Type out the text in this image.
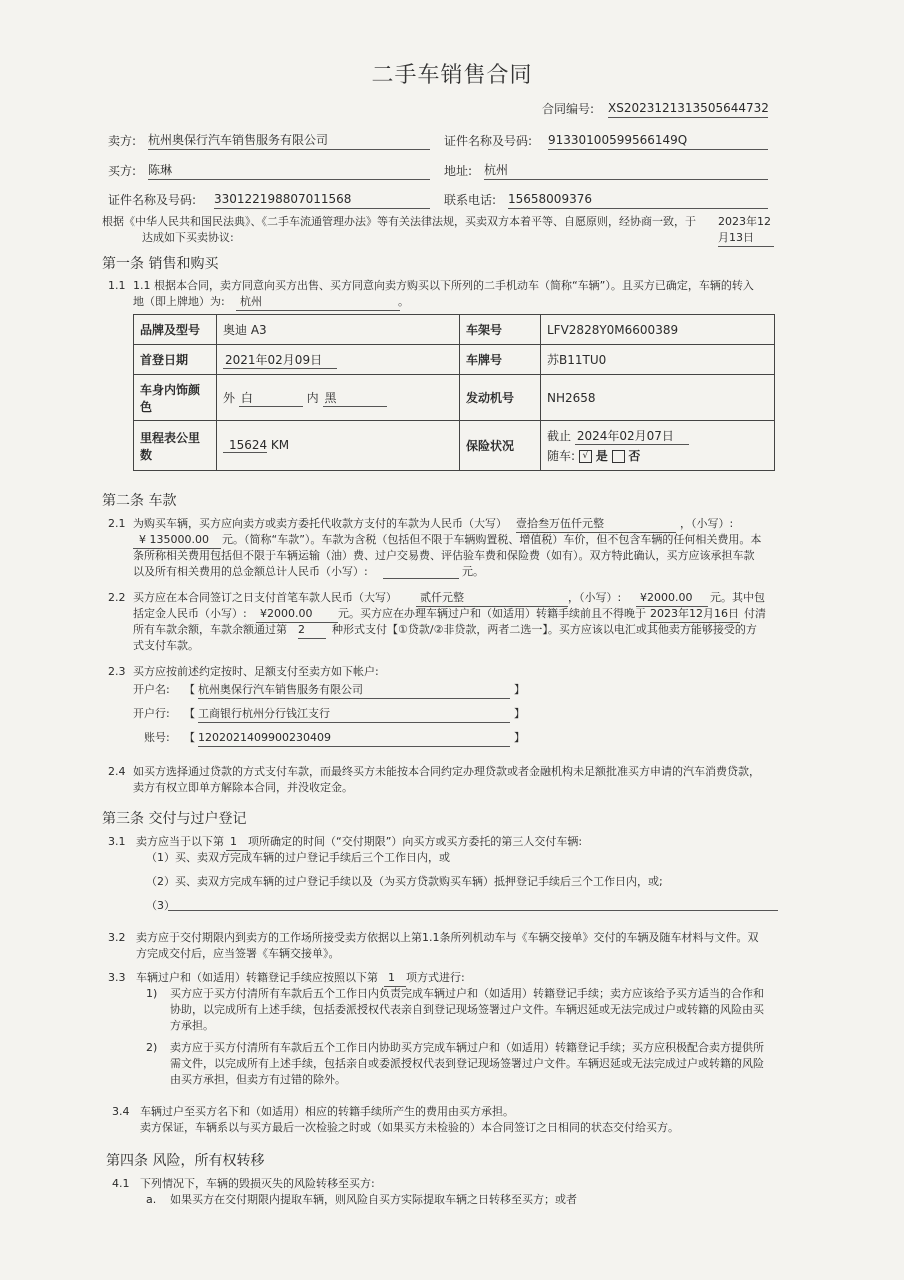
二手车销售合同
合同编号: XS2023121313505644732
卖方: 杭州奥保行汽车销售服务有限公司	证件名称及号码: 91330100599566149Q
买方: 陈琳	地址: 杭州
证件名称及号码: 330122198807011568	联系电话: 15658009376
根据《中华人民共和国民法典》、《二手车流通管理办法》等有关法律法规，买卖双方本着平等、自愿原则，经协商一致，于 2023年12月13日
达成如下买卖协议:
第一条 销售和购买
1.1 1.1 根据本合同，卖方同意向买方出售、买方同意向卖方购买以下所列的二手机动车（简称“车辆”）。且买方已确定，车辆的转入
地（即上牌地）为:	杭州	。
品牌及型号	奥迪 A3	车架号	LFV2828Y0M6600389
首登日期	2021年02月09日	车牌号	苏B11TU0
车身内饰颜色	外 白 内 黑	发动机号	NH2658
里程表公里数	15624 KM	保险状况	截止 2024年02月07日
随车: √ 是 否
第二条 车款
2.1 为购买车辆，买方应向卖方或卖方委托代收款方支付的车款为人民币（大写） 壹拾叁万伍仟元整	，（小写）:
¥ 135000.00	元。（简称“车款”）。车款为含税（包括但不限于车辆购置税、增值税）车价，但不包含车辆的任何相关费用。本
条所称相关费用包括但不限于车辆运输（油）费、过户交易费、评估验车费和保险费（如有）。双方特此确认，买方应该承担车款
以及所有相关费用的总金额总计人民币（小写）:	元。
2.2 买方应在本合同签订之日支付首笔车款人民币（大写）	贰仟元整	，（小写）:	¥2000.00	元。其中包
括定金人民币（小写）:	¥2000.00	元。买方应在办理车辆过户和（如适用）转籍手续前且不得晚于 2023年12月16日 付清
所有车款余额，车款余额通过第 2	种形式支付【①贷款/②非贷款，两者二选一】。买方应该以电汇或其他卖方能够接受的方
式支付车款。
2.3 买方应按前述约定按时、足额支付至卖方如下帐户:
开户名: 【 杭州奥保行汽车销售服务有限公司	】
开户行: 【 工商银行杭州分行钱江支行	】
账号: 【 1202021409900230409	】
2.4 如买方选择通过贷款的方式支付车款，而最终买方未能按本合同约定办理贷款或者金融机构未足额批准买方申请的汽车消费贷款，
卖方有权立即单方解除本合同，并没收定金。
第三条 交付与过户登记
3.1 卖方应当于以下第 1	项所确定的时间（“交付期限”）向买方或买方委托的第三人交付车辆:
（1）买、卖双方完成车辆的过户登记手续后三个工作日内，或
（2）买、卖双方完成车辆的过户登记手续以及（为买方贷款购买车辆）抵押登记手续后三个工作日内，或;
（3）
3.2 卖方应于交付期限内到卖方的工作场所接受卖方依据以上第1.1条所列机动车与《车辆交接单》交付的车辆及随车材料与文件。双
方完成交付后，应当签署《车辆交接单》。
3.3 车辆过户和（如适用）转籍登记手续应按照以下第 1	项方式进行:
1) 买方应于买方付清所有车款后五个工作日内负责完成车辆过户和（如适用）转籍登记手续；卖方应该给予买方适当的合作和
协助，以完成所有上述手续，包括委派授权代表亲自到登记现场签署过户文件。车辆迟延或无法完成过户或转籍的风险由买
方承担。
2) 卖方应于买方付清所有车款后五个工作日内协助买方完成车辆过户和（如适用）转籍登记手续；买方应积极配合卖方提供所
需文件，以完成所有上述手续，包括亲自或委派授权代表到登记现场签署过户文件。车辆迟延或无法完成过户或转籍的风险
由买方承担，但卖方有过错的除外。
3.4 车辆过户至买方名下和（如适用）相应的转籍手续所产生的费用由买方承担。
卖方保证，车辆系以与买方最后一次检验之时或（如果买方未检验的）本合同签订之日相同的状态交付给买方。
第四条 风险，所有权转移
4.1 下列情况下，车辆的毁损灭失的风险转移至买方:
a. 如果买方在交付期限内提取车辆，则风险自买方实际提取车辆之日转移至买方；或者
